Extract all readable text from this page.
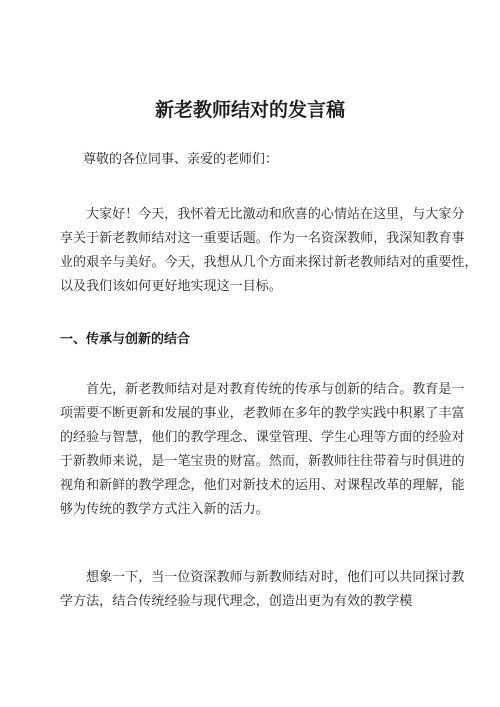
新老教师结对的发言稿

尊敬的各位同事、亲爱的老师们：

大家好！今天，我怀着无比激动和欣喜的心情站在这里，与大家分
享关于新老教师结对这一重要话题。作为一名资深教师，我深知教育事
业的艰辛与美好。今天，我想从几个方面来探讨新老教师结对的重要性，
以及我们该如何更好地实现这一目标。
一、传承与创新的结合
首先，新老教师结对是对教育传统的传承与创新的结合。教育是一
项需要不断更新和发展的事业，老教师在多年的教学实践中积累了丰富
的经验与智慧，他们的教学理念、课堂管理、学生心理等方面的经验对
于新教师来说，是一笔宝贵的财富。然而，新教师往往带着与时俱进的
视角和新鲜的教学理念，他们对新技术的运用、对课程改革的理解，能
够为传统的教学方式注入新的活力。
想象一下，当一位资深教师与新教师结对时，他们可以共同探讨教
学方法，结合传统经验与现代理念，创造出更为有效的教学模
